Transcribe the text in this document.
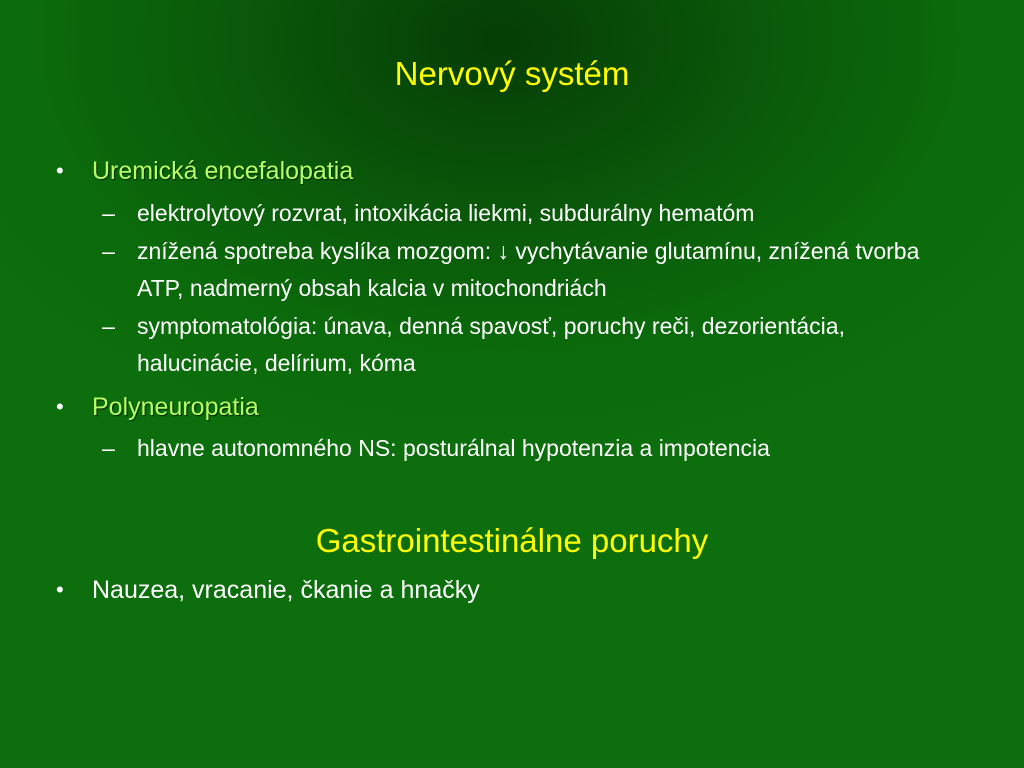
Nervový systém
• Uremická encefalopatia
– elektrolytový rozvrat, intoxikácia liekmi, subdurálny hematóm
– znížená spotreba kyslíka mozgom: ↓ vychytávanie glutamínu, znížená tvorba ATP, nadmerný obsah kalcia v mitochondriách
– symptomatológia: únava, denná spavosť, poruchy reči, dezorientácia, halucinácie, delírium, kóma
• Polyneuropatia
– hlavne autonomného NS: posturálnal hypotenzia a impotencia
Gastrointestinálne poruchy
• Nauzea, vracanie, čkanie a hnačky
